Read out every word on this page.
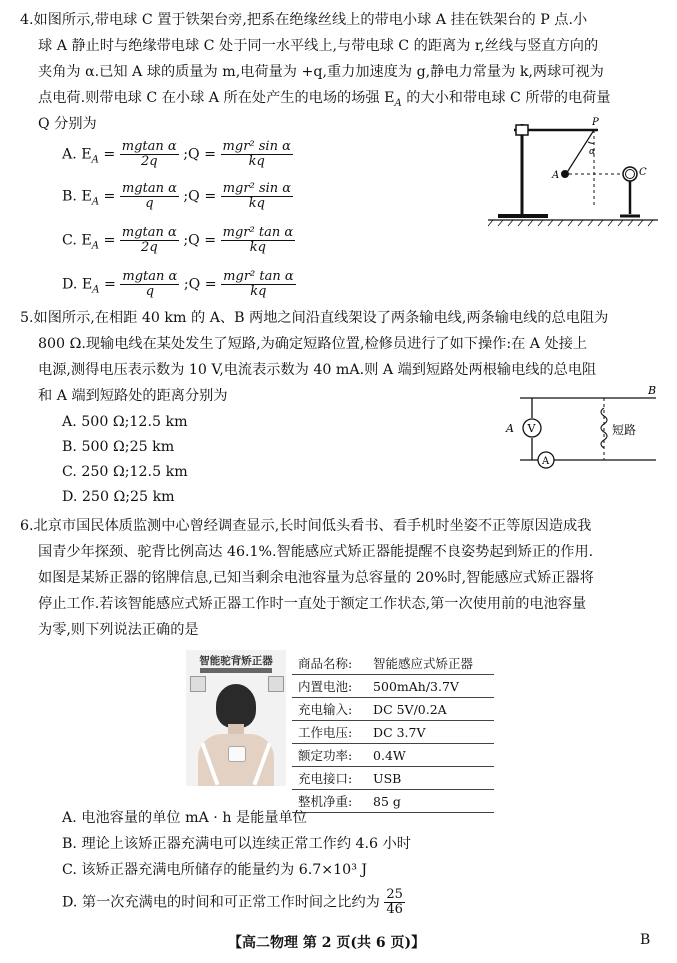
4.如图所示,带电球 C 置于铁架台旁,把系在绝缘丝线上的带电小球 A 挂在铁架台的 P 点.小
球 A 静止时与绝缘带电球 C 处于同一水平线上,与带电球 C 的距离为 r,丝线与竖直方向的
夹角为 α.已知 A 球的质量为 m,电荷量为 +q,重力加速度为 g,静电力常量为 k,两球可视为
点电荷.则带电球 C 在小球 A 所在处产生的电场的场强 $E_A$ 的大小和带电球 C 所带的电荷量
Q 分别为
A. $E_A = \frac{\text{mgtan α}}{2q}$ ;Q = $\frac{\text{mgr² sin α}}{kq}$
B. $E_A = \frac{\text{mgtan α}}{q}$ ;Q = $\frac{\text{mgr² sin α}}{kq}$
C. $E_A = \frac{\text{mgtan α}}{2q}$ ;Q = $\frac{\text{mgr² tan α}}{kq}$
D. $E_A = \frac{\text{mgtan α}}{q}$ ;Q = $\frac{\text{mgr² tan α}}{kq}$
P
α
A	C
5.如图所示,在相距 40 km 的 A、B 两地之间沿直线架设了两条输电线,两条输电线的总电阻为
800 Ω.现输电线在某处发生了短路,为确定短路位置,检修员进行了如下操作:在 A 处接上
电源,测得电压表示数为 10 V,电流表示数为 40 mA.则 A 端到短路处两根输电线的总电阻
和 A 端到短路处的距离分别为
A. 500 Ω;12.5 km
B. 500 Ω;25 km
C. 250 Ω;12.5 km
D. 250 Ω;25 km
V
A
A
B
短路
6.北京市国民体质监测中心曾经调查显示,长时间低头看书、看手机时坐姿不正等原因造成我
国青少年探颈、驼背比例高达 46.1%.智能感应式矫正器能提醒不良姿势起到矫正的作用.
如图是某矫正器的铭牌信息,已知当剩余电池容量为总容量的 20%时,智能感应式矫正器将
停止工作.若该智能感应式矫正器工作时一直处于额定工作状态,第一次使用前的电池容量
为零,则下列说法正确的是
智能驼背矫正器	商品名称:	智能感应式矫正器
内置电池:	500mAh/3.7V
充电输入:	DC 5V/0.2A
工作电压:	DC 3.7V
额定功率:	0.4W
充电接口:	USB
整机净重:	85 g
A. 电池容量的单位 mA · h 是能量单位
B. 理论上该矫正器充满电可以连续正常工作约 4.6 小时
C. 该矫正器充满电所储存的能量约为 6.7×10³ J
D. 第一次充满电的时间和可正常工作时间之比约为 $\frac{25}{46}$
【高二物理 第 2 页(共 6 页)】	B
